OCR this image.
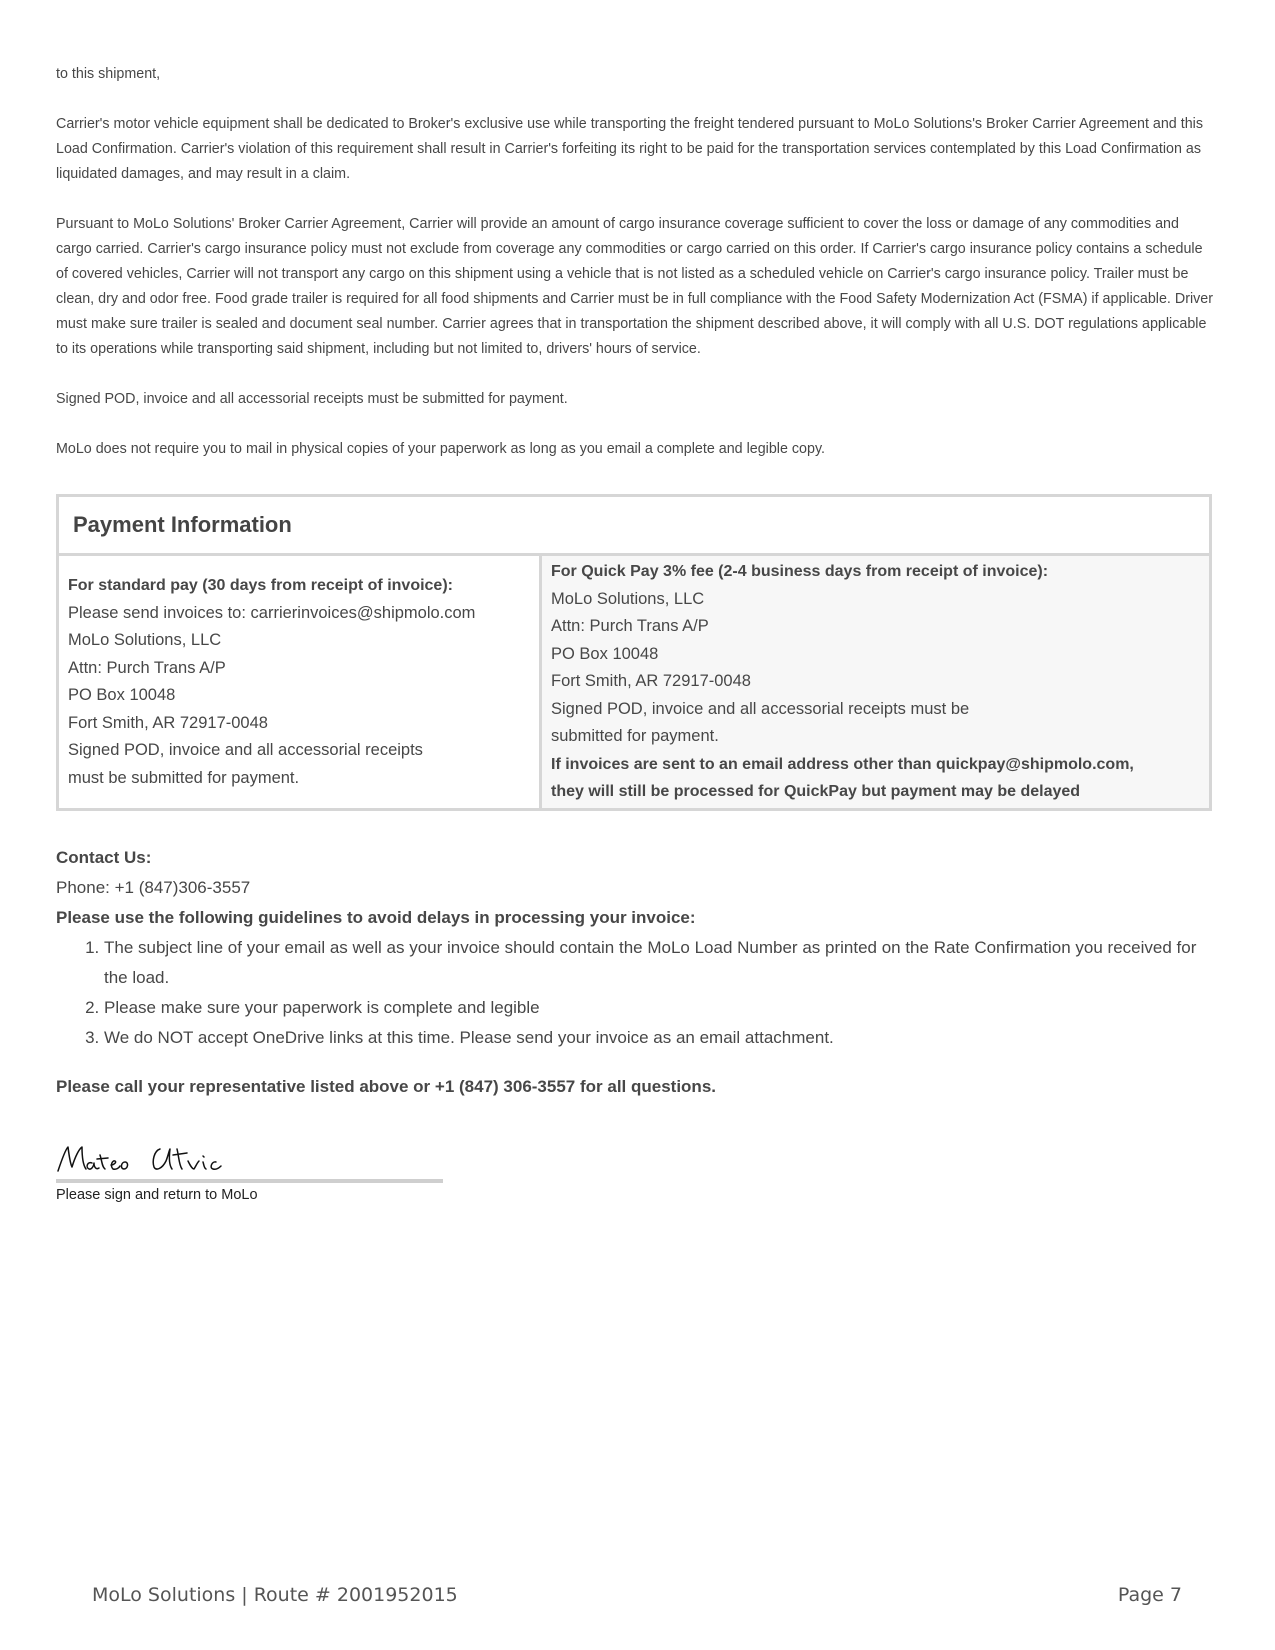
to this shipment,

Carrier's motor vehicle equipment shall be dedicated to Broker's exclusive use while transporting the freight tendered pursuant to MoLo Solutions's Broker Carrier Agreement and this Load Confirmation. Carrier's violation of this requirement shall result in Carrier's forfeiting its right to be paid for the transportation services contemplated by this Load Confirmation as liquidated damages, and may result in a claim.

Pursuant to MoLo Solutions' Broker Carrier Agreement, Carrier will provide an amount of cargo insurance coverage sufficient to cover the loss or damage of any commodities and cargo carried. Carrier's cargo insurance policy must not exclude from coverage any commodities or cargo carried on this order. If Carrier's cargo insurance policy contains a schedule of covered vehicles, Carrier will not transport any cargo on this shipment using a vehicle that is not listed as a scheduled vehicle on Carrier's cargo insurance policy. Trailer must be clean, dry and odor free. Food grade trailer is required for all food shipments and Carrier must be in full compliance with the Food Safety Modernization Act (FSMA) if applicable. Driver must make sure trailer is sealed and document seal number. Carrier agrees that in transportation the shipment described above, it will comply with all U.S. DOT regulations applicable to its operations while transporting said shipment, including but not limited to, drivers' hours of service.

Signed POD, invoice and all accessorial receipts must be submitted for payment.

MoLo does not require you to mail in physical copies of your paperwork as long as you email a complete and legible copy.

Payment Information
For standard pay (30 days from receipt of invoice):
Please send invoices to: carrierinvoices@shipmolo.com
MoLo Solutions, LLC
Attn: Purch Trans A/P
PO Box 10048
Fort Smith, AR 72917-0048
Signed POD, invoice and all accessorial receipts
must be submitted for payment.
For Quick Pay 3% fee (2-4 business days from receipt of invoice):
MoLo Solutions, LLC
Attn: Purch Trans A/P
PO Box 10048
Fort Smith, AR 72917-0048
Signed POD, invoice and all accessorial receipts must be
submitted for payment.
If invoices are sent to an email address other than quickpay@shipmolo.com,
they will still be processed for QuickPay but payment may be delayed
Contact Us:
Phone: +1 (847)306-3557
Please use the following guidelines to avoid delays in processing your invoice:
1. The subject line of your email as well as your invoice should contain the MoLo Load Number as printed on the Rate Confirmation you received for the load.
2. Please make sure your paperwork is complete and legible
3. We do NOT accept OneDrive links at this time. Please send your invoice as an email attachment.
Please call your representative listed above or +1 (847) 306-3557 for all questions.
Please sign and return to MoLo
MoLo Solutions | Route # 2001952015	Page 7
